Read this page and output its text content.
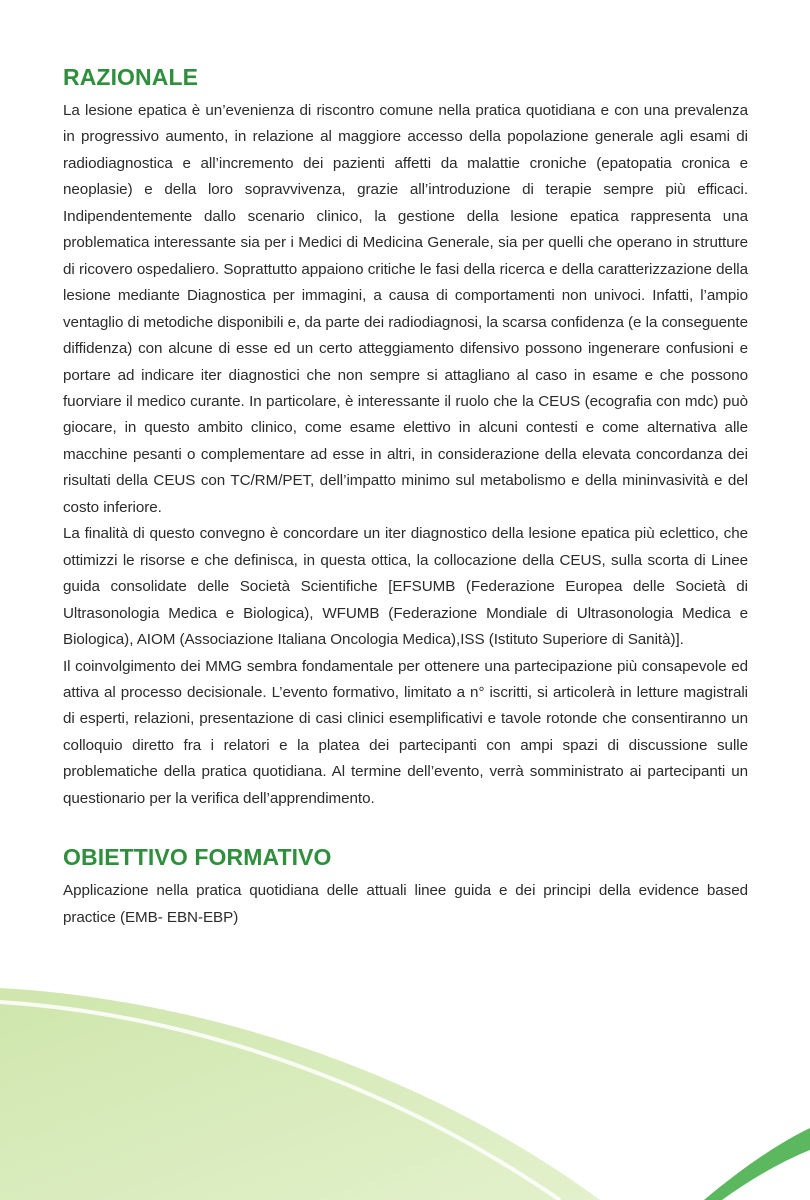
RAZIONALE

La lesione epatica è un’evenienza di riscontro comune nella pratica quotidiana e con una prevalenza in progressivo aumento, in relazione al maggiore accesso della popolazione generale agli esami di radiodiagnostica e all’incremento dei pazienti affetti da malattie croniche (epatopatia cronica e neoplasie) e della loro sopravvivenza, grazie all’introduzione di terapie sempre più efficaci. Indipendentemente dallo scenario clinico, la gestione della lesione epatica rappresenta una problematica interessante sia per i Medici di Medicina Generale, sia per quelli che operano in strutture di ricovero ospedaliero. Soprattutto appaiono critiche le fasi della ricerca e della caratterizzazione della lesione mediante Diagnostica per immagini, a causa di comportamenti non univoci. Infatti, l’ampio ventaglio di metodiche disponibili e, da parte dei radiodiagnosi, la scarsa confidenza (e la conseguente diffidenza) con alcune di esse ed un certo atteggiamento difensivo possono ingenerare confusioni e portare ad indicare iter diagnostici che non sempre si attagliano al caso in esame e che possono fuorviare il medico curante. In particolare, è interessante il ruolo che la CEUS (ecografia con mdc) può giocare, in questo ambito clinico, come esame elettivo in alcuni contesti e come alternativa alle macchine pesanti o complementare ad esse in altri, in considerazione della elevata concordanza dei risultati della CEUS con TC/RM/PET, dell’impatto minimo sul metabolismo e della mininvasività e del costo inferiore.

La finalità di questo convegno è concordare un iter diagnostico della lesione epatica più eclettico, che ottimizzi le risorse e che definisca, in questa ottica, la collocazione della CEUS, sulla scorta di Linee guida consolidate delle Società Scientifiche [EFSUMB (Federazione Europea delle Società di Ultrasonologia Medica e Biologica), WFUMB (Federazione Mondiale di Ultrasonologia Medica e Biologica), AIOM (Associazione Italiana Oncologia Medica),ISS (Istituto Superiore di Sanità)].

Il coinvolgimento dei MMG sembra fondamentale per ottenere una partecipazione più consapevole ed attiva al processo decisionale. L’evento formativo, limitato a n° iscritti, si articolerà in letture magistrali di esperti, relazioni, presentazione di casi clinici esemplificativi e tavole rotonde che consentiranno un colloquio diretto fra i relatori e la platea dei partecipanti con ampi spazi di discussione sulle problematiche della pratica quotidiana. Al termine dell’evento, verrà somministrato ai partecipanti un questionario per la verifica dell’apprendimento.

OBIETTIVO FORMATIVO

Applicazione nella pratica quotidiana delle attuali linee guida e dei principi della evidence based practice (EMB- EBN-EBP)
